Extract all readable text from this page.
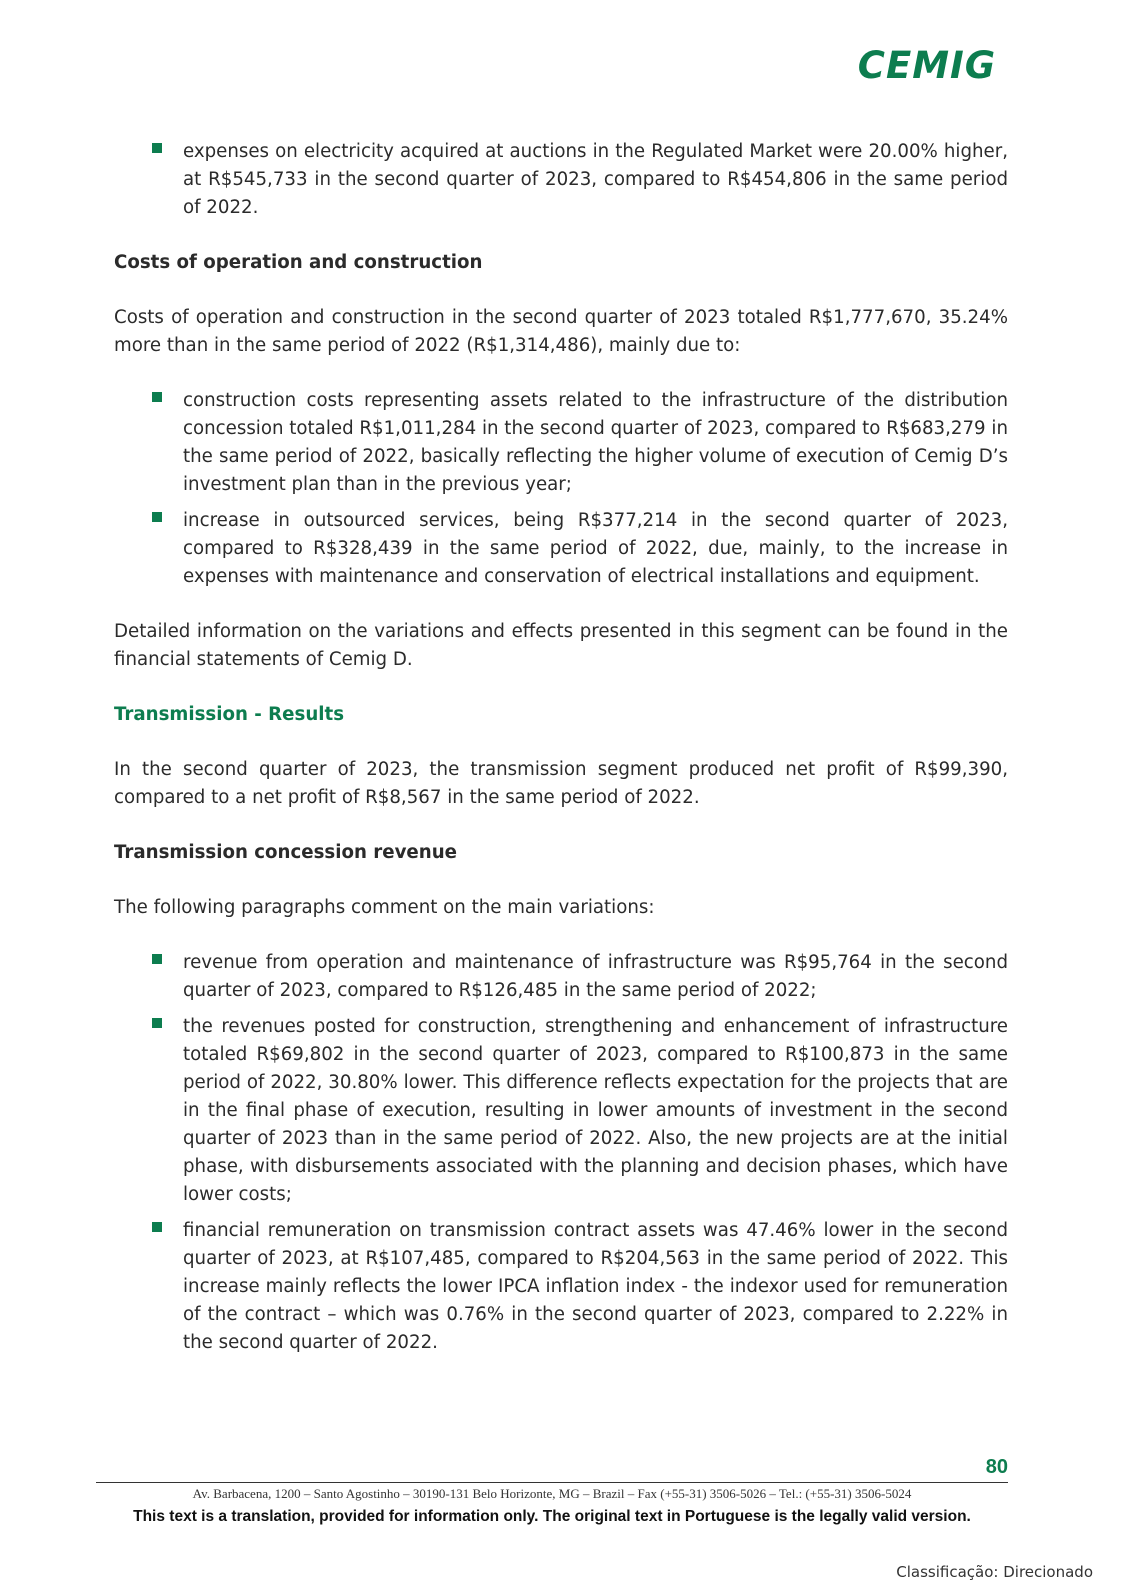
CEMIG
expenses on electricity acquired at auctions in the Regulated Market were 20.00% higher, at R$545,733 in the second quarter of 2023, compared to R$454,806 in the same period of 2022.

Costs of operation and construction

Costs of operation and construction in the second quarter of 2023 totaled R$1,777,670, 35.24% more than in the same period of 2022 (R$1,314,486), mainly due to:

construction costs representing assets related to the infrastructure of the distribution concession totaled R$1,011,284 in the second quarter of 2023, compared to R$683,279 in the same period of 2022, basically reflecting the higher volume of execution of Cemig D’s investment plan than in the previous year;
increase in outsourced services, being R$377,214 in the second quarter of 2023, compared to R$328,439 in the same period of 2022, due, mainly, to the increase in expenses with maintenance and conservation of electrical installations and equipment.

Detailed information on the variations and effects presented in this segment can be found in the financial statements of Cemig D.

Transmission - Results

In the second quarter of 2023, the transmission segment produced net profit of R$99,390, compared to a net profit of R$8,567 in the same period of 2022.

Transmission concession revenue

The following paragraphs comment on the main variations:

revenue from operation and maintenance of infrastructure was R$95,764 in the second quarter of 2023, compared to R$126,485 in the same period of 2022;
the revenues posted for construction, strengthening and enhancement of infrastructure totaled R$69,802 in the second quarter of 2023, compared to R$100,873 in the same period of 2022, 30.80% lower. This difference reflects expectation for the projects that are in the final phase of execution, resulting in lower amounts of investment in the second quarter of 2023 than in the same period of 2022. Also, the new projects are at the initial phase, with disbursements associated with the planning and decision phases, which have lower costs;
financial remuneration on transmission contract assets was 47.46% lower in the second quarter of 2023, at R$107,485, compared to R$204,563 in the same period of 2022. This increase mainly reflects the lower IPCA inflation index - the indexor used for remuneration of the contract – which was 0.76% in the second quarter of 2023, compared to 2.22% in the second quarter of 2022.
80
Av. Barbacena, 1200 – Santo Agostinho – 30190-131 Belo Horizonte, MG – Brazil – Fax (+55-31) 3506-5026 – Tel.: (+55-31) 3506-5024
This text is a translation, provided for information only. The original text in Portuguese is the legally valid version.
Classificação: Direcionado
